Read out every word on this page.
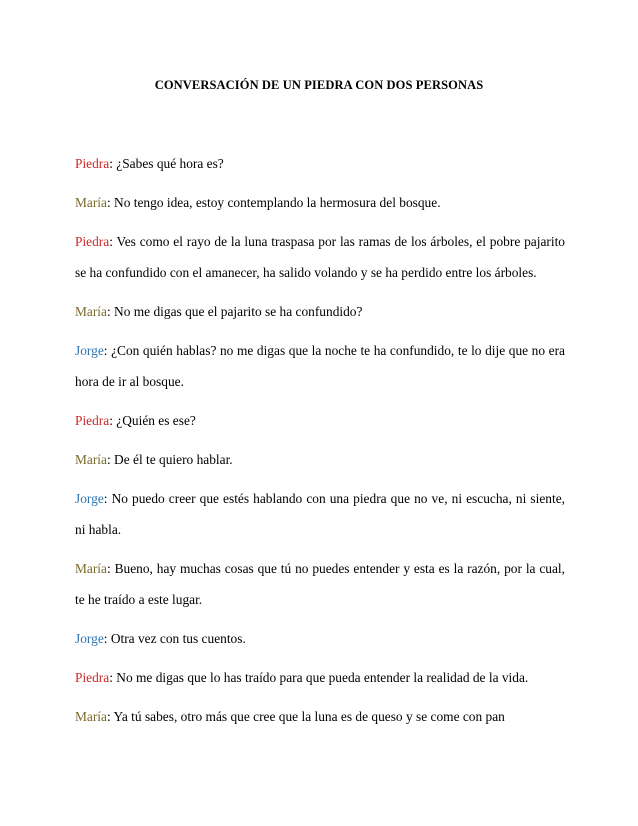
CONVERSACIÓN DE UN PIEDRA CON DOS PERSONAS

Piedra: ¿Sabes qué hora es?

María: No tengo idea, estoy contemplando la hermosura del bosque.

Piedra: Ves como el rayo de la luna traspasa por las ramas de los árboles, el pobre pajarito se ha confundido con el amanecer, ha salido volando y se ha perdido entre los árboles.

María: No me digas que el pajarito se ha confundido?

Jorge: ¿Con quién hablas? no me digas que la noche te ha confundido, te lo dije que no era hora de ir al bosque.

Piedra: ¿Quién es ese?

María: De él te quiero hablar.

Jorge: No puedo creer que estés hablando con una piedra que no ve, ni escucha, ni siente, ni habla.

María: Bueno, hay muchas cosas que tú no puedes entender y esta es la razón, por la cual, te he traído a este lugar.

Jorge: Otra vez con tus cuentos.

Piedra: No me digas que lo has traído para que pueda entender la realidad de la vida.

María: Ya tú sabes, otro más que cree que la luna es de queso y se come con pan
